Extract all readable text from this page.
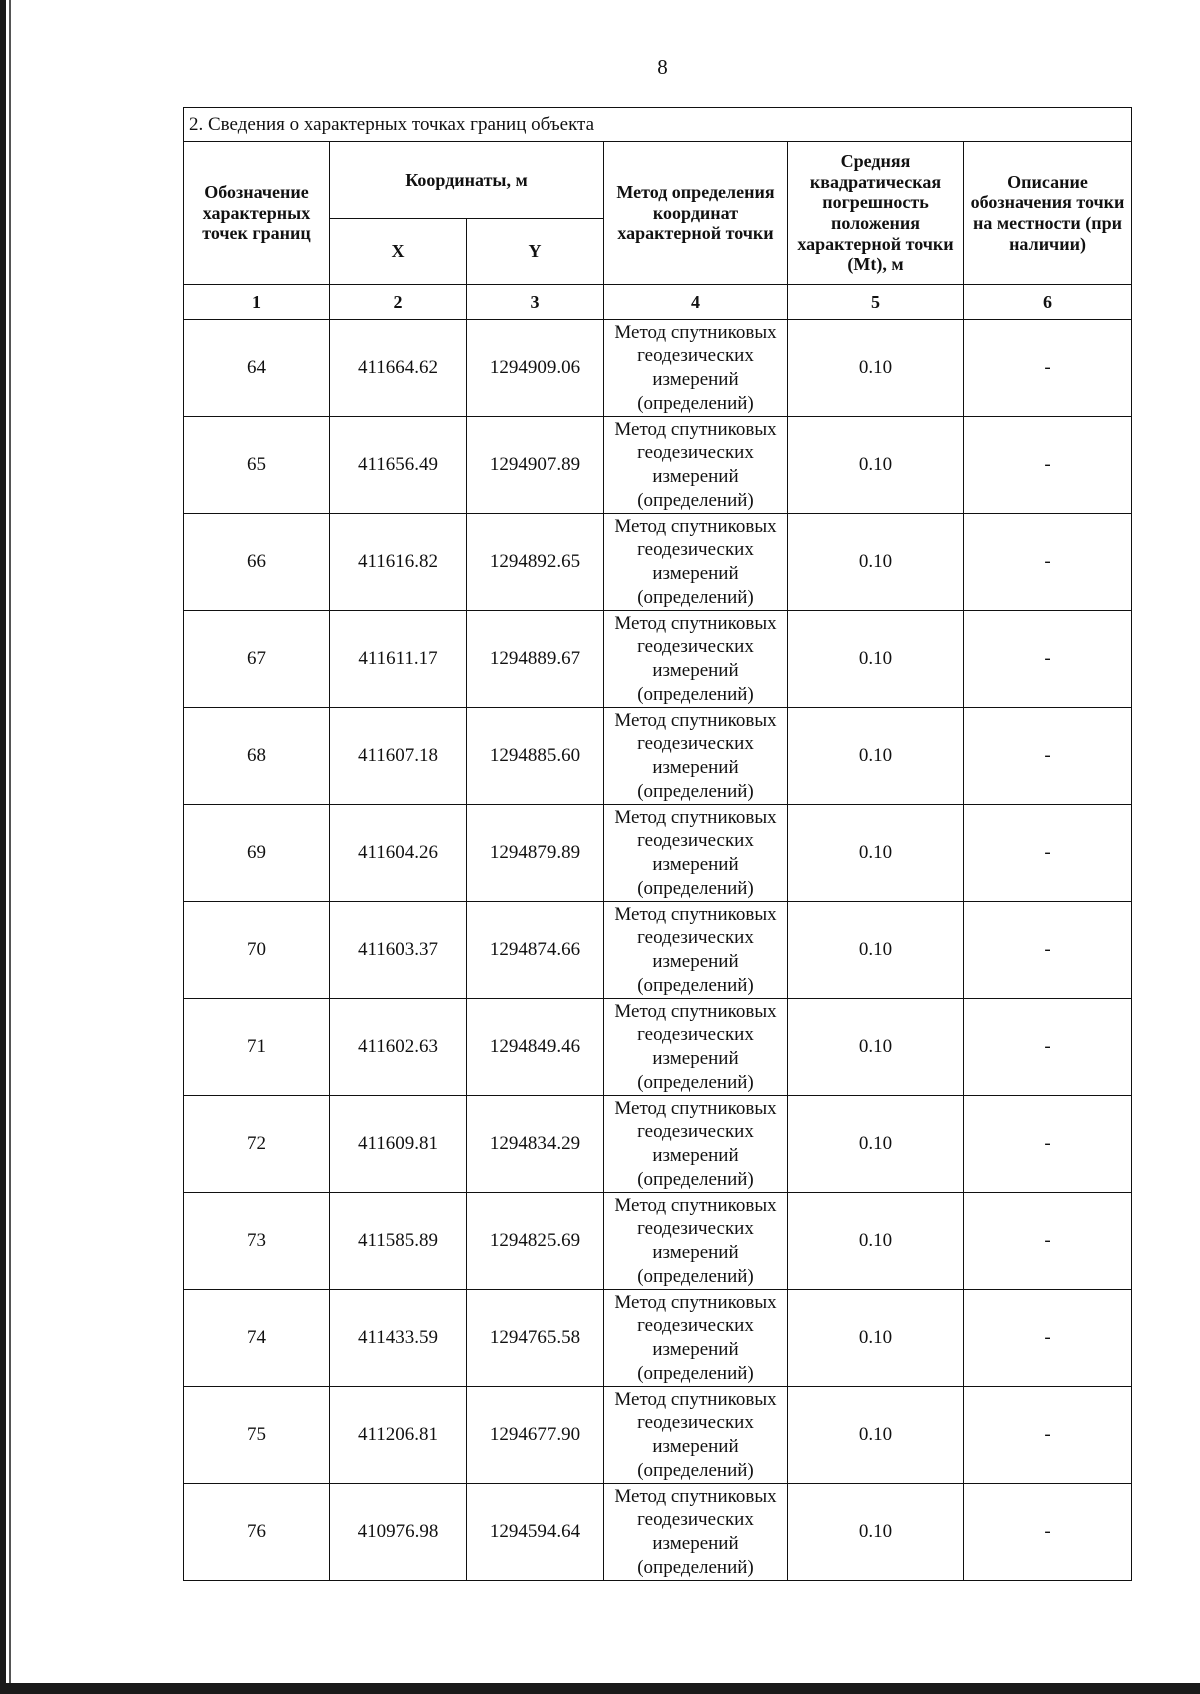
8
2. Сведения о характерных точках границ объекта					
Обозначение характерных точек границ	Координаты, м		Метод определения координат характерной точки	Средняя квадратическая погрешность положения характерной точки (Mt), м	Описание обозначения точки на местности (при наличии)
	X	Y			
1	2	3	4	5	6
64	411664.62	1294909.06	Метод спутниковых геодезических измерений (определений)	0.10	-
65	411656.49	1294907.89	Метод спутниковых геодезических измерений (определений)	0.10	-
66	411616.82	1294892.65	Метод спутниковых геодезических измерений (определений)	0.10	-
67	411611.17	1294889.67	Метод спутниковых геодезических измерений (определений)	0.10	-
68	411607.18	1294885.60	Метод спутниковых геодезических измерений (определений)	0.10	-
69	411604.26	1294879.89	Метод спутниковых геодезических измерений (определений)	0.10	-
70	411603.37	1294874.66	Метод спутниковых геодезических измерений (определений)	0.10	-
71	411602.63	1294849.46	Метод спутниковых геодезических измерений (определений)	0.10	-
72	411609.81	1294834.29	Метод спутниковых геодезических измерений (определений)	0.10	-
73	411585.89	1294825.69	Метод спутниковых геодезических измерений (определений)	0.10	-
74	411433.59	1294765.58	Метод спутниковых геодезических измерений (определений)	0.10	-
75	411206.81	1294677.90	Метод спутниковых геодезических измерений (определений)	0.10	-
76	410976.98	1294594.64	Метод спутниковых геодезических измерений (определений)	0.10	-
